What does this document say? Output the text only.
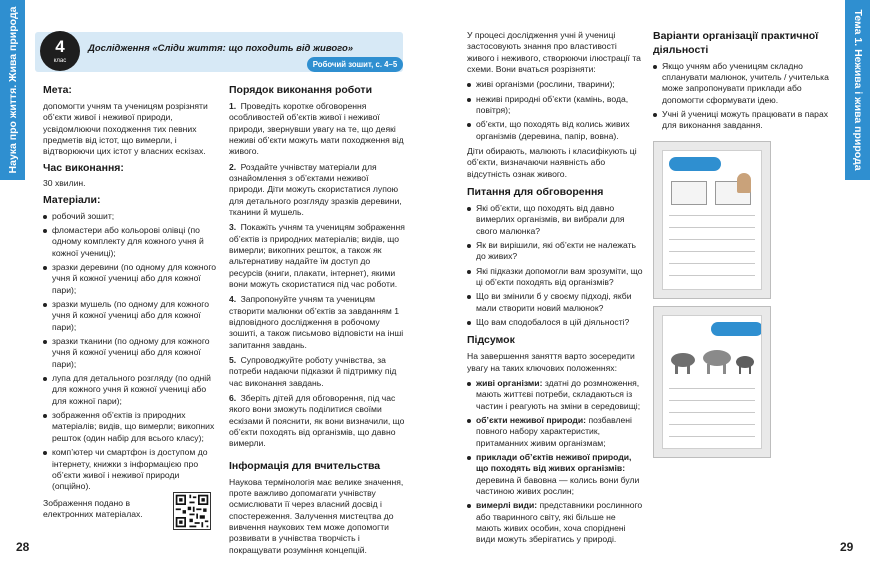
Наука про життя. Жива природа	4
клас
Дослідження «Сліди життя: що походить від живого»
Робочий зошит, с. 4–5
Мета:

допомогти учням та ученицям розрізняти об’єкти живої і неживої природи, усвідомлюючи походження тих певних предметів від істот, що вимерли, і відтворюючи цих істот у власних ескізах.

Час виконання:

30 хвилин.

Матеріали:
робочий зошит;
фломастери або кольорові олівці (по одному комплекту для кожного учня й кожної учениці);
зразки деревини (по одному для кожного учня й кожної учениці або для кожної пари);
зразки мушель (по одному для кожного учня й кожної учениці або для кожної пари);
зразки тканини (по одному для кожного учня й кожної учениці або для кожної пари);
лупа для детального розгляду (по одній для кожного учня й кожної учениці або для кожної пари);
зображення об’єктів із природних матеріалів; видів, що вимерли; викопних решток (один набір для всього класу);
комп’ютер чи смартфон із доступом до інтернету, книжки з інформацією про об’єкти живої і неживої природи (опційно).

Зображення подано в електронних матеріалах.

Порядок виконання роботи
1. Проведіть коротке обговорення особливостей об’єктів живої і неживої природи, звернувши увагу на те, що деякі неживі об’єкти можуть мати походження від живого.
2. Роздайте учнівству матеріали для ознайомлення з об’єктами неживої природи. Діти можуть скористатися лупою для детального розгляду зразків деревини, тканини й мушель.
3. Покажіть учням та ученицям зображення об’єктів із природних матеріалів; видів, що вимерли; викопних решток, а також як альтернативу надайте їм доступ до ресурсів (книги, плакати, інтернет), якими вони можуть скористатися під час роботи.
4. Запропонуйте учням та ученицям створити малюнки об’єктів за завданням 1 відповідного дослідження в робочому зошиті, а також письмово відповісти на інші запитання завдань.
5. Супроводжуйте роботу учнівства, за потреби надаючи підказки й підтримку під час виконання завдань.
6. Зберіть дітей для обговорення, під час якого вони зможуть поділитися своїми ескізами й пояснити, як вони визначили, що об’єкти походять від організмів, що давно вимерли.
Інформація для вчительства

Наукова термінологія має велике значення, проте важливо допомагати учнівству осмислювати її через власний досвід і спостереження. Залучення мистецтва до вивчення наукових тем може допомогти розвивати в учнівства творчість і покращувати розуміння концепцій.

28

У процесі дослідження учні й учениці застосовують знання про властивості живого і неживого, створюючи ілюстрації та схеми. Вони вчаться розрізняти:

живі організми (рослини, тварини);
неживі природні об’єкти (камінь, вода, повітря);
об’єкти, що походять від колись живих організмів (деревина, папір, вовна).

Діти обирають, малюють і класифікують ці об’єкти, визначаючи наявність або відсутність ознак живого.

Питання для обговорення
Які об’єкти, що походять від давно вимерлих організмів, ви вибрали для свого малюнка?
Як ви вирішили, які об’єкти не належать до живих?
Які підказки допомогли вам зрозуміти, що ці об’єкти походять від організмів?
Що ви змінили б у своєму підході, якби мали створити новий малюнок?
Що вам сподобалося в цій діяльності?
Підсумок

На завершення заняття варто зосередити увагу на таких ключових положеннях:

живі організми: здатні до розмноження, мають життєві потреби, складаються із частин і реагують на зміни в середовищі;
об’єкти неживої природи: позбавлені повного набору характеристик, притаманних живим організмам;
приклади об’єктів неживої природи, що походять від живих організмів: деревина й бавовна — колись вони були частиною живих рослин;
вимерлі види: представники рослинного або тваринного світу, які більше не мають живих особин, хоча споріднені види можуть зберігатись у природі.
Варіанти організації практичної діяльності
Якщо учням або ученицям складно спланувати малюнок, учитель / учителька може запропонувати приклади або допомогти сформувати ідею.
Учні й учениці можуть працювати в парах для виконання завдання.	Тема 1. Нежива і жива природа
29
